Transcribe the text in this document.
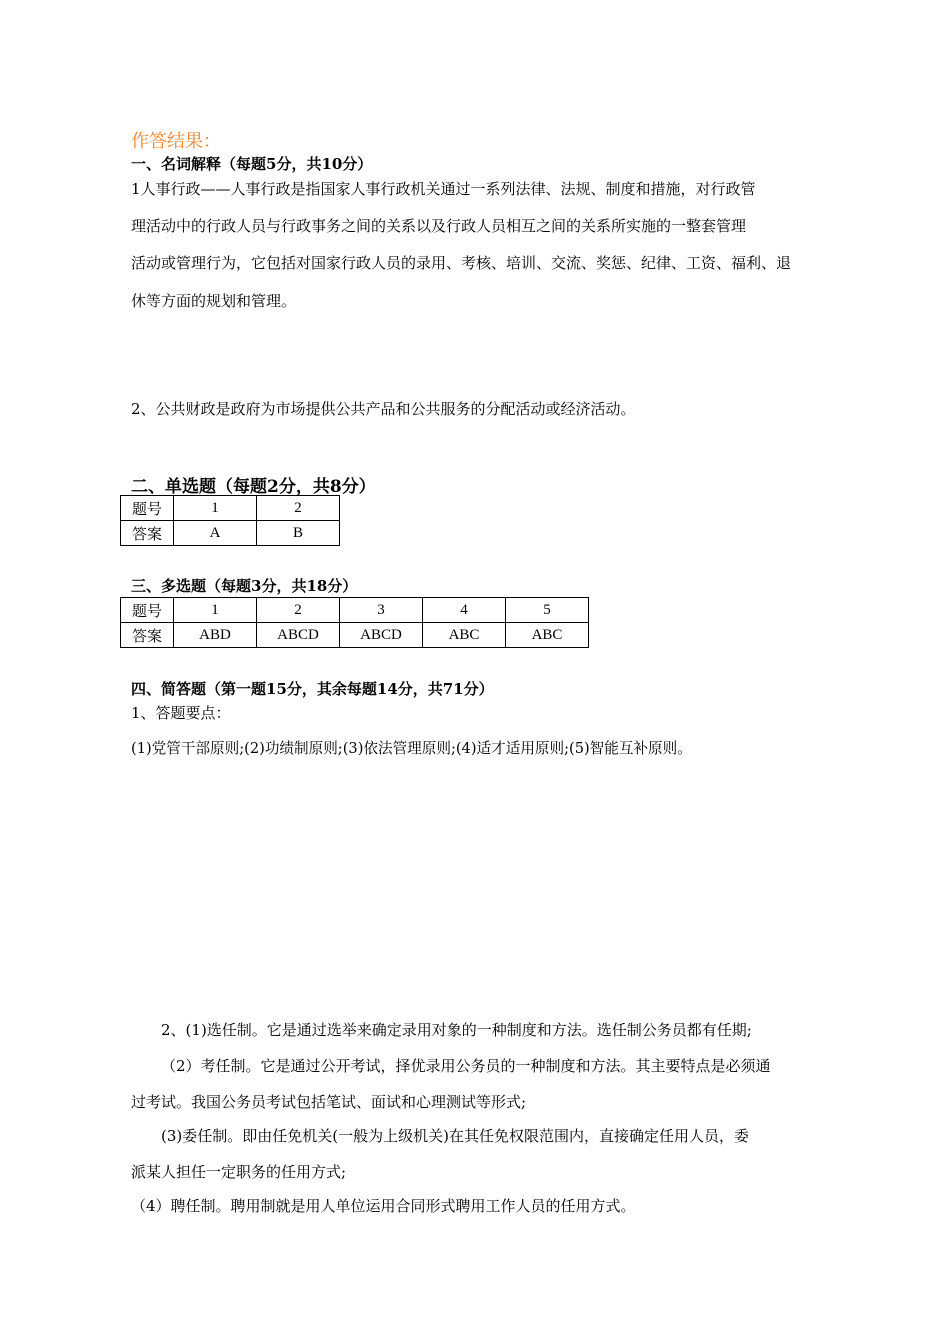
作答结果：
一、名词解释（每题5分，共10分）
1人事行政——人事行政是指国家人事行政机关通过一系列法律、法规、制度和措施，对行政管
理活动中的行政人员与行政事务之间的关系以及行政人员相互之间的关系所实施的一整套管理
活动或管理行为，它包括对国家行政人员的录用、考核、培训、交流、奖惩、纪律、工资、福利、退
休等方面的规划和管理。
2、公共财政是政府为市场提供公共产品和公共服务的分配活动或经济活动。
二、单选题（每题2分，共8分）
题号	1	2
答案	A	B
三、多选题（每题3分，共18分）
题号	1	2	3	4	5
答案	ABD	ABCD	ABCD	ABC	ABC
四、简答题（第一题15分，其余每题14分，共71分）
1、答题要点：
(1)党管干部原则;(2)功绩制原则;(3)依法管理原则;(4)适才适用原则;(5)智能互补原则。
2、(1)选任制。它是通过选举来确定录用对象的一种制度和方法。选任制公务员都有任期;
（2）考任制。它是通过公开考试，择优录用公务员的一种制度和方法。其主要特点是必须通
过考试。我国公务员考试包括笔试、面试和心理测试等形式;
(3)委任制。即由任免机关(一般为上级机关)在其任免权限范围内，直接确定任用人员，委
派某人担任一定职务的任用方式;
（4）聘任制。聘用制就是用人单位运用合同形式聘用工作人员的任用方式。
